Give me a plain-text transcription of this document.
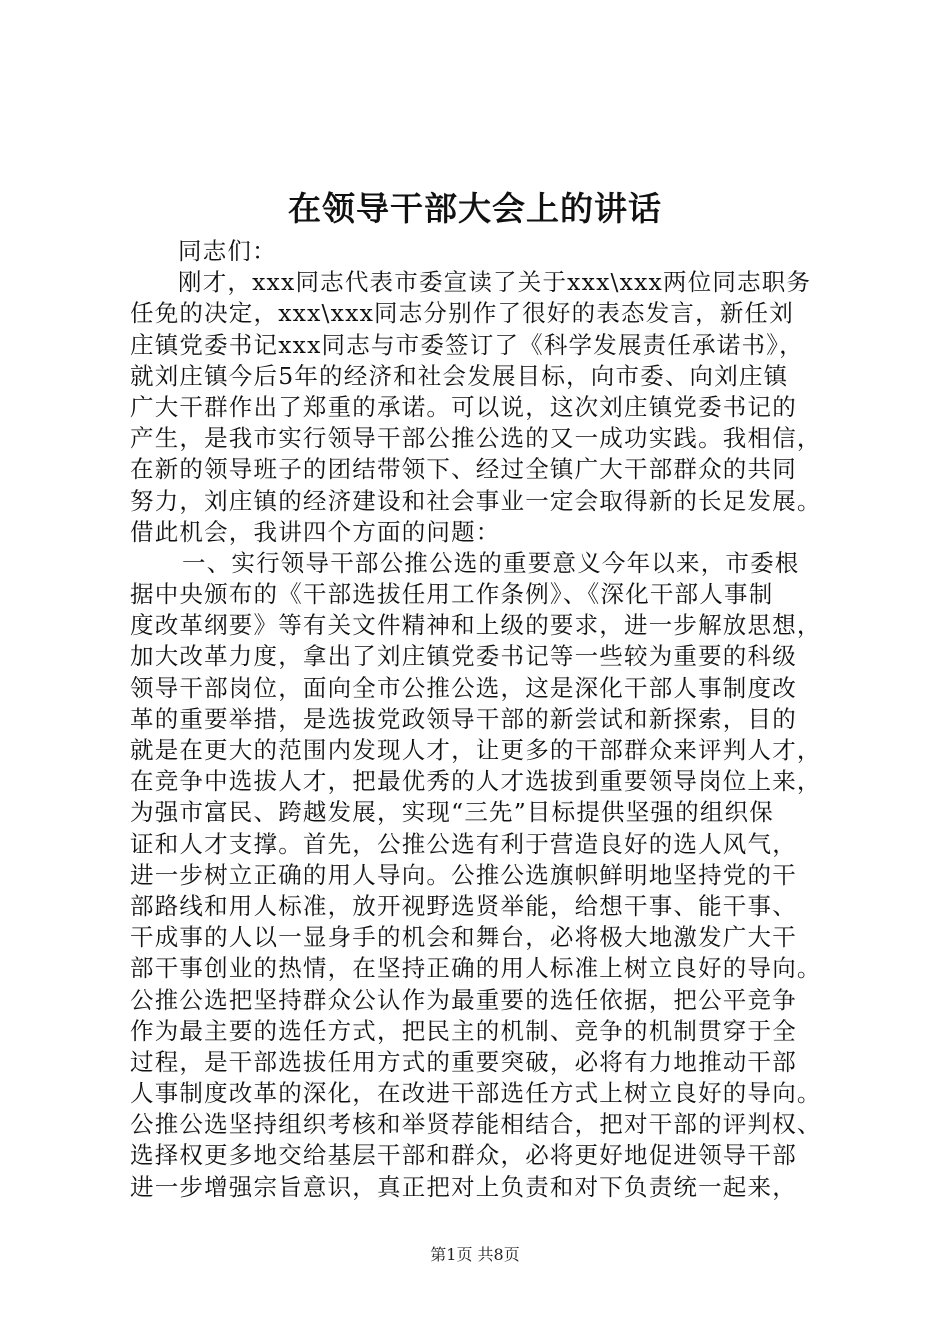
在领导干部大会上的讲话
同志们：
刚才，xxx同志代表市委宣读了关于xxx\xxx两位同志职务
任免的决定，xxx\xxx同志分别作了很好的表态发言，新任刘
庄镇党委书记xxx同志与市委签订了《科学发展责任承诺书》，
就刘庄镇今后5年的经济和社会发展目标，向市委、向刘庄镇
广大干群作出了郑重的承诺。可以说，这次刘庄镇党委书记的
产生，是我市实行领导干部公推公选的又一成功实践。我相信，
在新的领导班子的团结带领下、经过全镇广大干部群众的共同
努力，刘庄镇的经济建设和社会事业一定会取得新的长足发展。
借此机会，我讲四个方面的问题：
一、实行领导干部公推公选的重要意义今年以来，市委根
据中央颁布的《干部选拔任用工作条例》、《深化干部人事制
度改革纲要》等有关文件精神和上级的要求，进一步解放思想，
加大改革力度，拿出了刘庄镇党委书记等一些较为重要的科级
领导干部岗位，面向全市公推公选，这是深化干部人事制度改
革的重要举措，是选拔党政领导干部的新尝试和新探索，目的
就是在更大的范围内发现人才，让更多的干部群众来评判人才，
在竞争中选拔人才，把最优秀的人才选拔到重要领导岗位上来，
为强市富民、跨越发展，实现“三先”目标提供坚强的组织保
证和人才支撑。首先，公推公选有利于营造良好的选人风气，
进一步树立正确的用人导向。公推公选旗帜鲜明地坚持党的干
部路线和用人标准，放开视野选贤举能，给想干事、能干事、
干成事的人以一显身手的机会和舞台，必将极大地激发广大干
部干事创业的热情，在坚持正确的用人标准上树立良好的导向。
公推公选把坚持群众公认作为最重要的选任依据，把公平竞争
作为最主要的选任方式，把民主的机制、竞争的机制贯穿于全
过程，是干部选拔任用方式的重要突破，必将有力地推动干部
人事制度改革的深化，在改进干部选任方式上树立良好的导向。
公推公选坚持组织考核和举贤荐能相结合，把对干部的评判权、
选择权更多地交给基层干部和群众，必将更好地促进领导干部
进一步增强宗旨意识，真正把对上负责和对下负责统一起来，
第1页 共8页
